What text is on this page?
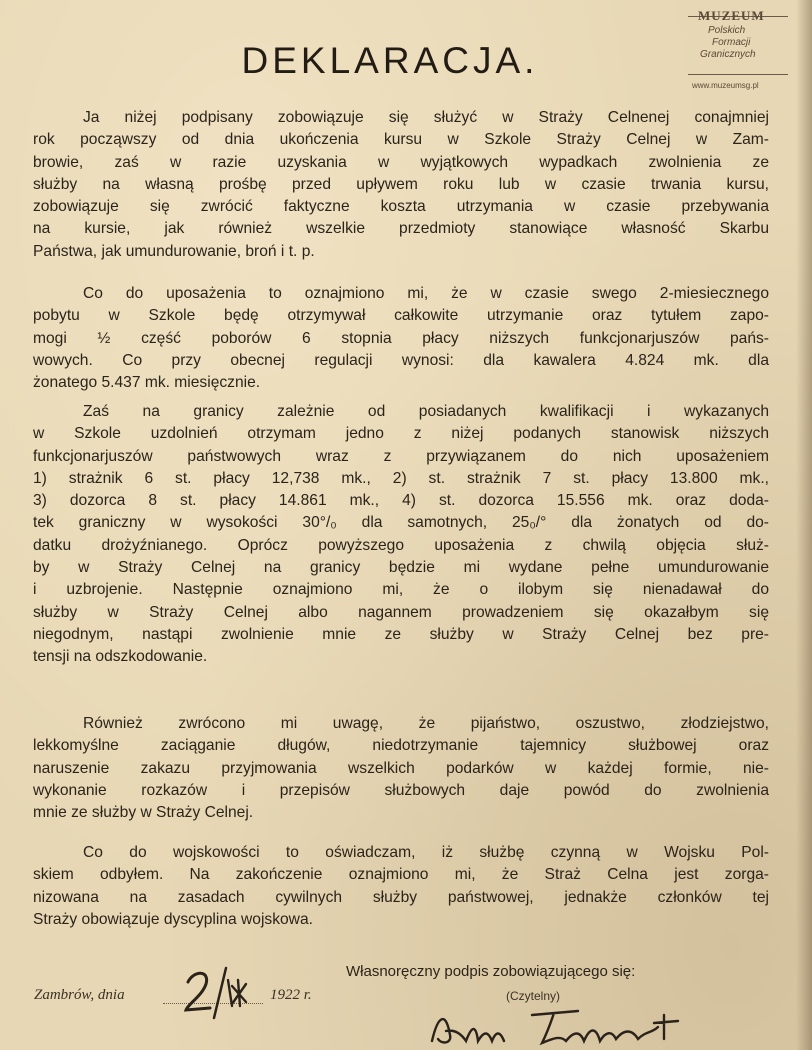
MUZEUM
Polskich
Formacji
Granicznych
www.muzeumsg.pl
DEKLARACJA.

Ja niżej podpisany zobowiązuje się służyć w Straży Celnenej conajmniej

rok począwszy od dnia ukończenia kursu w Szkole Straży Celnej w Zam-

browie, zaś w razie uzyskania w wyjątkowych wypadkach zwolnienia ze

służby na własną prośbę przed upływem roku lub w czasie trwania kursu,

zobowiązuje się zwrócić faktyczne koszta utrzymania w czasie przebywania

na kursie, jak również wszelkie przedmioty stanowiące własność Skarbu

Państwa, jak umundurowanie, broń i t. p.

Co do uposażenia to oznajmiono mi, że w czasie swego 2-miesiecznego

pobytu w Szkole będę otrzymywał całkowite utrzymanie oraz tytułem zapo-

mogi ½ część poborów 6 stopnia płacy niższych funkcjonarjuszów pańs-

wowych. Co przy obecnej regulacji wynosi: dla kawalera 4.824 mk. dla

żonatego 5.437 mk. miesięcznie.

Zaś na granicy zależnie od posiadanych kwalifikacji i wykazanych

w Szkole uzdolnień otrzymam jedno z niżej podanych stanowisk niższych

funkcjonarjuszów państwowych wraz z przywiązanem do nich uposażeniem

1) strażnik 6 st. płacy 12,738 mk., 2) st. strażnik 7 st. płacy 13.800 mk.,

3) dozorca 8 st. płacy 14.861 mk., 4) st. dozorca 15.556 mk. oraz doda-

tek graniczny w wysokości 30°/₀ dla samotnych, 25₀/° dla żonatych od do-

datku drożyźnianego. Oprócz powyższego uposażenia z chwilą objęcia służ-

by w Straży Celnej na granicy będzie mi wydane pełne umundurowanie

i uzbrojenie. Następnie oznajmiono mi, że o ilobym się nienadawał do

służby w Straży Celnej albo nagannem prowadzeniem się okazałbym się

niegodnym, nastąpi zwolnienie mnie ze służby w Straży Celnej bez pre-

tensji na odszkodowanie.

Również zwrócono mi uwagę, że pijaństwo, oszustwo, złodziejstwo,

lekkomyślne zaciąganie długów, niedotrzymanie tajemnicy służbowej oraz

naruszenie zakazu przyjmowania wszelkich podarków w każdej formie, nie-

wykonanie rozkazów i przepisów służbowych daje powód do zwolnienia

mnie ze służby w Straży Celnej.

Co do wojskowości to oświadczam, iż służbę czynną w Wojsku Pol-

skiem odbyłem. Na zakończenie oznajmiono mi, że Straż Celna jest zorga-

nizowana na zasadach cywilnych służby państwowej, jednakże członków tej

Straży obowiązuje dyscyplina wojskowa.

Własnoręczny podpis zobowiązującego się:
(Czytelny)
Zambrów, dnia	1922 r.
